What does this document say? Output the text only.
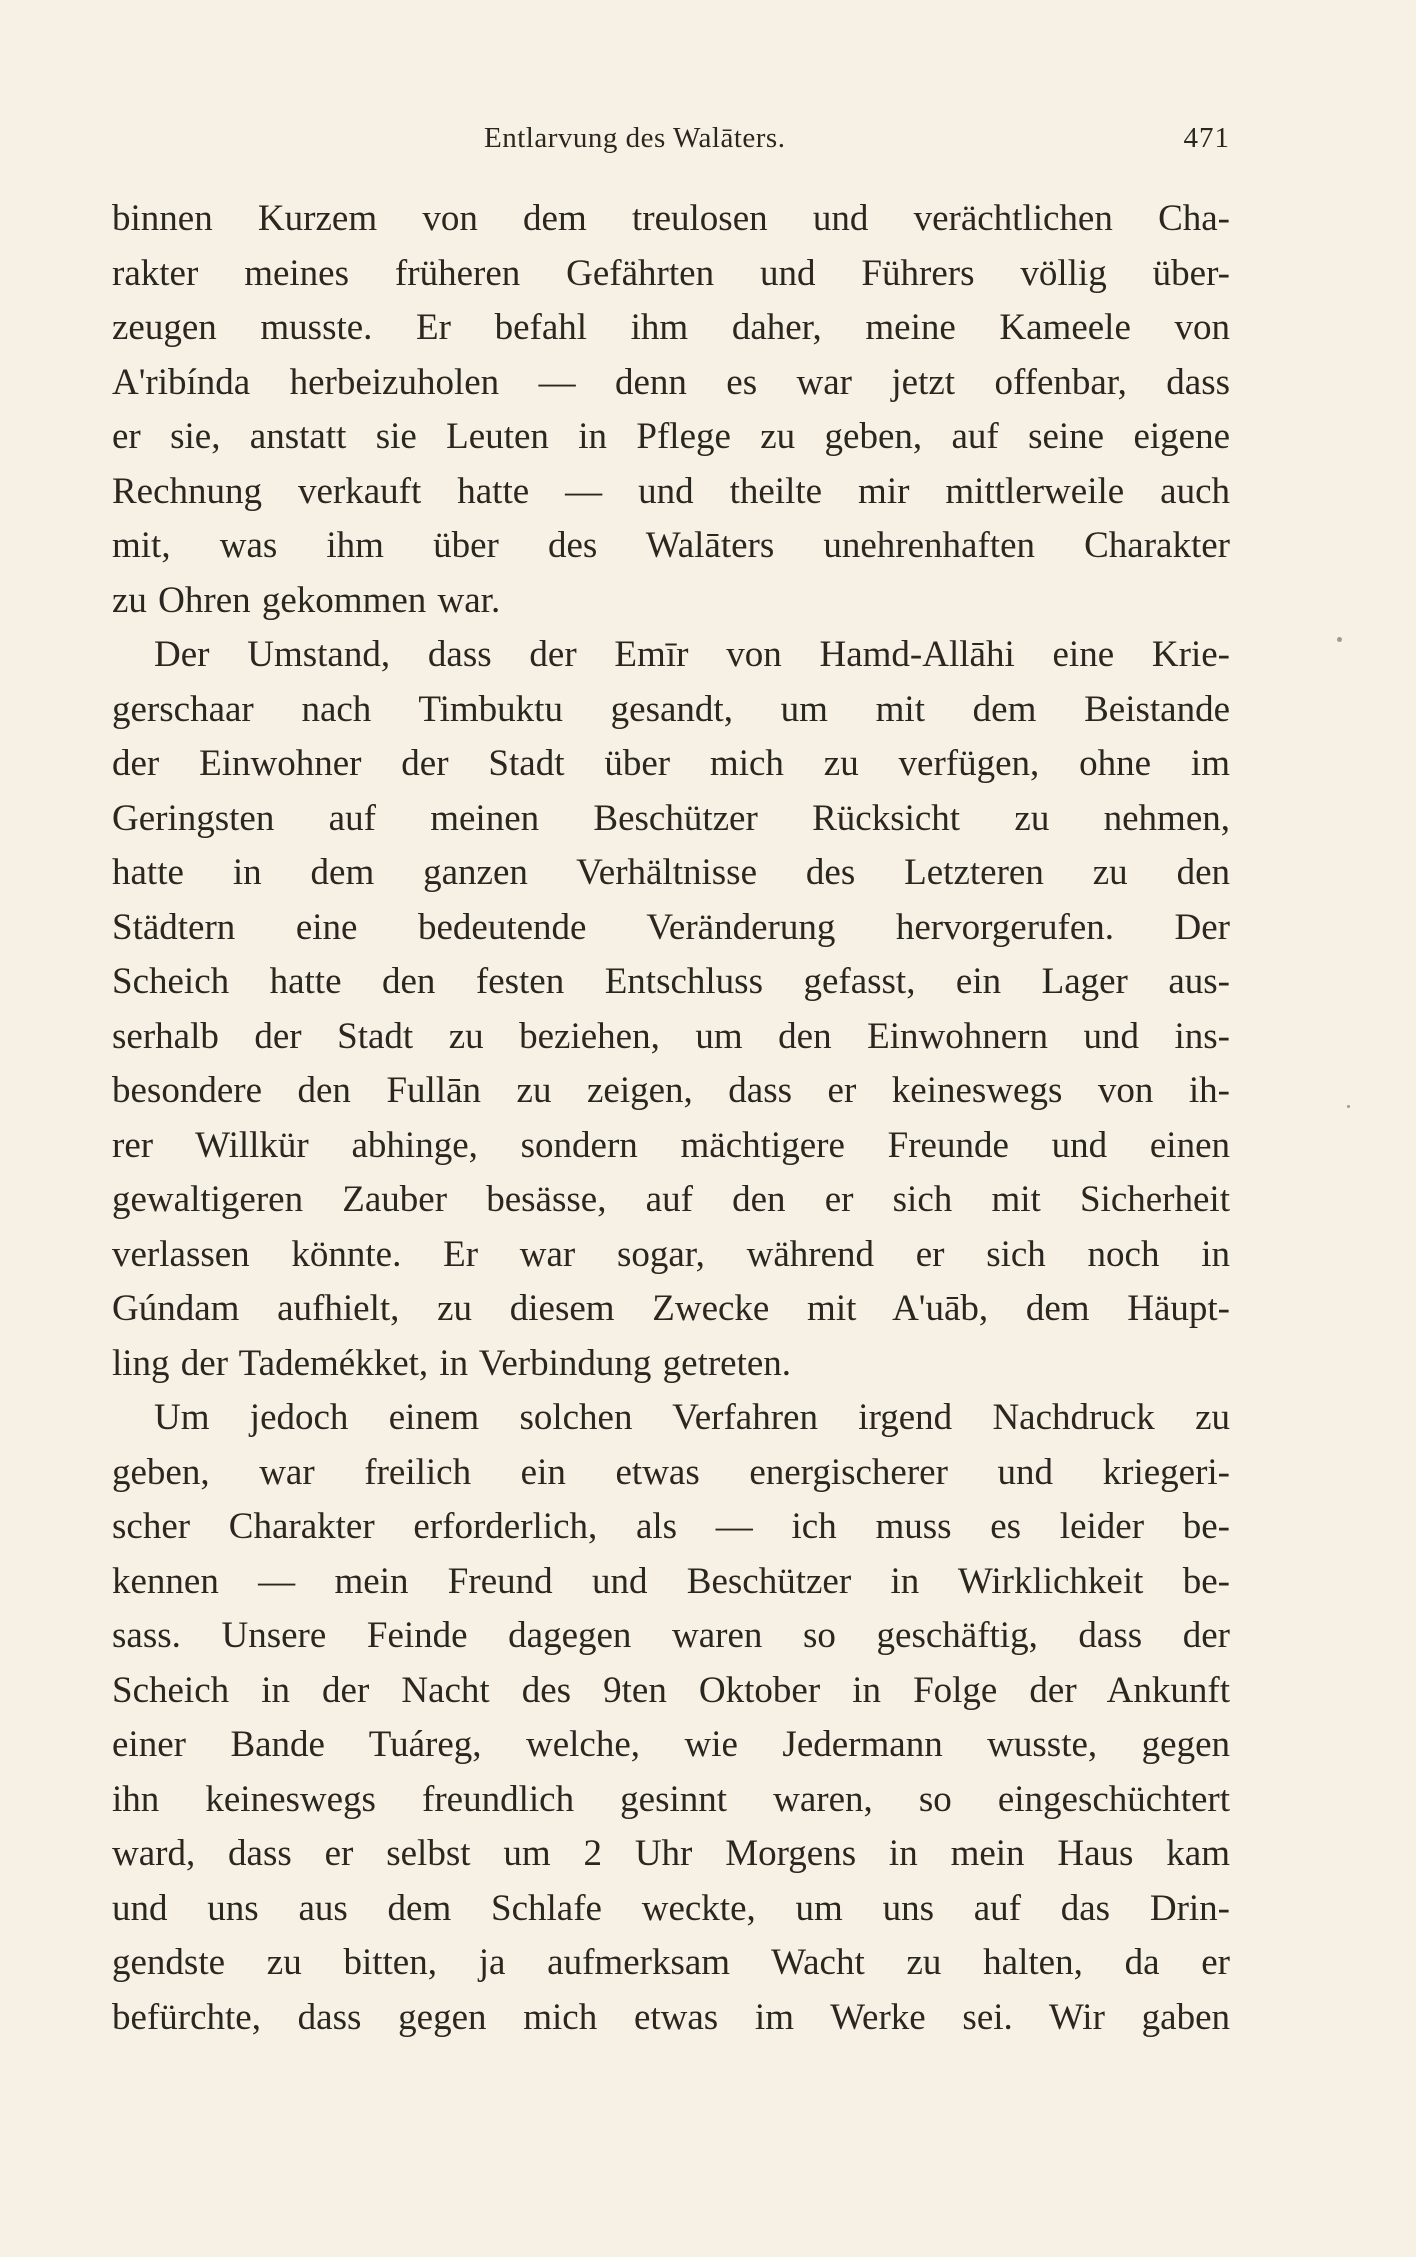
Entlarvung des Walāters.	471
binnen Kurzem von dem treulosen und verächtlichen Cha-
rakter meines früheren Gefährten und Führers völlig über-
zeugen musste. Er befahl ihm daher, meine Kameele von
A'ribínda herbeizuholen — denn es war jetzt offenbar, dass
er sie, anstatt sie Leuten in Pflege zu geben, auf seine eigene
Rechnung verkauft hatte — und theilte mir mittlerweile auch
mit, was ihm über des Walāters unehrenhaften Charakter
zu Ohren gekommen war.
Der Umstand, dass der Emīr von Hamd-Allāhi eine Krie-
gerschaar nach Timbuktu gesandt, um mit dem Beistande
der Einwohner der Stadt über mich zu verfügen, ohne im
Geringsten auf meinen Beschützer Rücksicht zu nehmen,
hatte in dem ganzen Verhältnisse des Letzteren zu den
Städtern eine bedeutende Veränderung hervorgerufen. Der
Scheich hatte den festen Entschluss gefasst, ein Lager aus-
serhalb der Stadt zu beziehen, um den Einwohnern und ins-
besondere den Fullān zu zeigen, dass er keineswegs von ih-
rer Willkür abhinge, sondern mächtigere Freunde und einen
gewaltigeren Zauber besässe, auf den er sich mit Sicherheit
verlassen könnte. Er war sogar, während er sich noch in
Gúndam aufhielt, zu diesem Zwecke mit A'uāb, dem Häupt-
ling der Tademékket, in Verbindung getreten.
Um jedoch einem solchen Verfahren irgend Nachdruck zu
geben, war freilich ein etwas energischerer und kriegeri-
scher Charakter erforderlich, als — ich muss es leider be-
kennen — mein Freund und Beschützer in Wirklichkeit be-
sass. Unsere Feinde dagegen waren so geschäftig, dass der
Scheich in der Nacht des 9ten Oktober in Folge der Ankunft
einer Bande Tuáreg, welche, wie Jedermann wusste, gegen
ihn keineswegs freundlich gesinnt waren, so eingeschüchtert
ward, dass er selbst um 2 Uhr Morgens in mein Haus kam
und uns aus dem Schlafe weckte, um uns auf das Drin-
gendste zu bitten, ja aufmerksam Wacht zu halten, da er
befürchte, dass gegen mich etwas im Werke sei. Wir gaben
